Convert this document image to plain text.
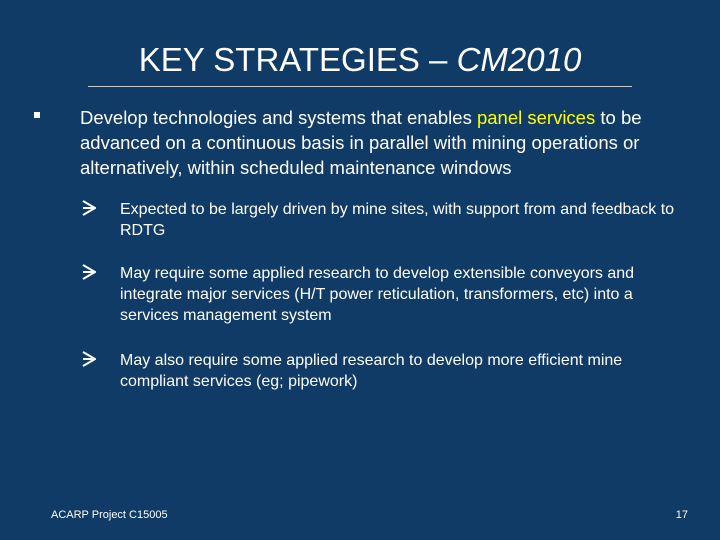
KEY STRATEGIES – CM2010
Develop technologies and systems that enables panel services to be advanced on a continuous basis in parallel with mining operations or alternatively, within scheduled maintenance windows
Expected to be largely driven by mine sites, with support from and feedback to RDTG
May require some applied research to develop extensible conveyors and integrate major services (H/T power reticulation, transformers, etc) into a services management system
May also require some applied research to develop more efficient mine compliant services (eg; pipework)
ACARP Project C15005	17
